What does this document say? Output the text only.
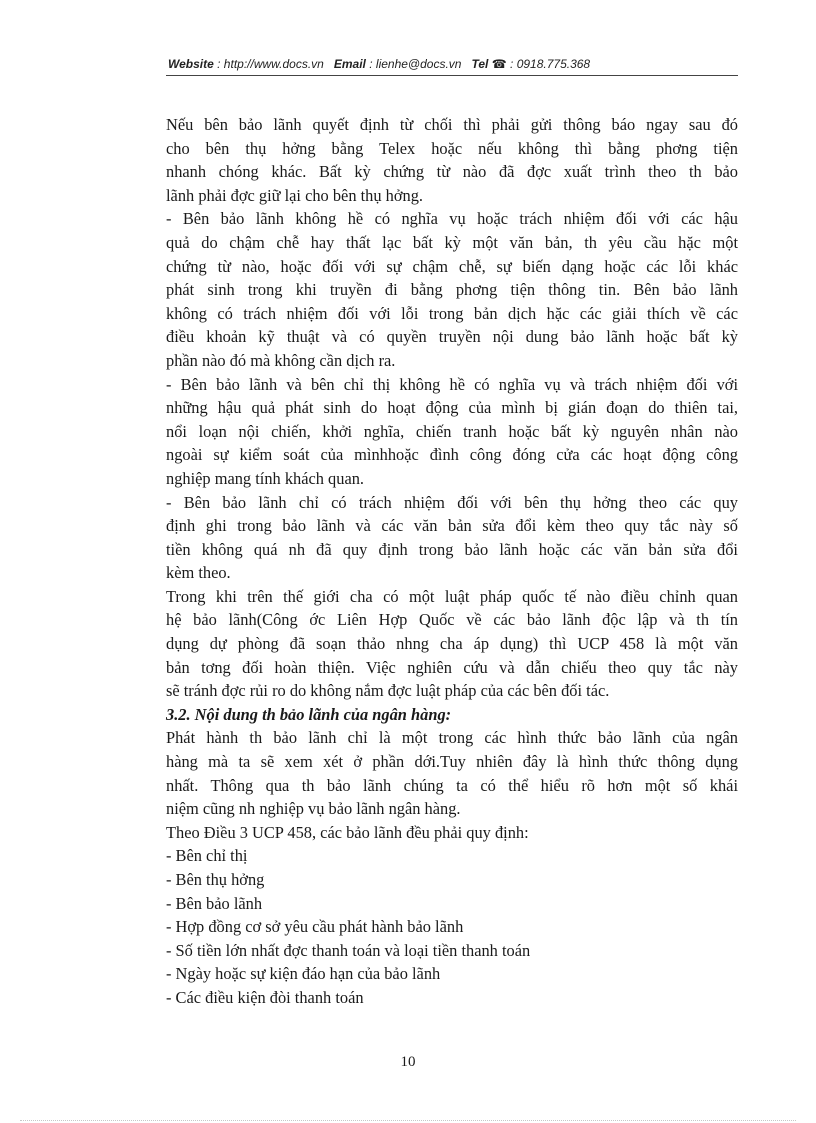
Website : http://www.docs.vn Email : lienhe@docs.vn Tel ☎ : 0918.775.368
Nếu bên bảo lãnh quyết định từ chối thì phải gửi thông báo ngay sau đó
cho bên thụ hởng bằng Telex hoặc nếu không thì bằng phơng tiện
nhanh chóng khác. Bất kỳ chứng từ nào đã đợc xuất trình theo th bảo
lãnh phải đợc giữ lại cho bên thụ hởng.
- Bên bảo lãnh không hề có nghĩa vụ hoặc trách nhiệm đối với các hậu
quả do chậm chễ hay thất lạc bất kỳ một văn bản, th yêu cầu hặc một
chứng từ nào, hoặc đối với sự chậm chễ, sự biến dạng hoặc các lỗi khác
phát sinh trong khi truyền đi bằng phơng tiện thông tin. Bên bảo lãnh
không có trách nhiệm đối với lỗi trong bản dịch hặc các giải thích về các
điều khoản kỹ thuật và có quyền truyền nội dung bảo lãnh hoặc bất kỳ
phần nào đó mà không cần dịch ra.
- Bên bảo lãnh và bên chỉ thị không hề có nghĩa vụ và trách nhiệm đối với
những hậu quả phát sinh do hoạt động của mình bị gián đoạn do thiên tai,
nổi loạn nội chiến, khởi nghĩa, chiến tranh hoặc bất kỳ nguyên nhân nào
ngoài sự kiểm soát của mìnhhoặc đình công đóng cửa các hoạt động công
nghiệp mang tính khách quan.
- Bên bảo lãnh chỉ có trách nhiệm đối với bên thụ hởng theo các quy
định ghi trong bảo lãnh và các văn bản sửa đổi kèm theo quy tắc này số
tiền không quá nh đã quy định trong bảo lãnh hoặc các văn bản sửa đổi
kèm theo.
Trong khi trên thế giới cha có một luật pháp quốc tế nào điều chỉnh quan
hệ bảo lãnh(Công ớc Liên Hợp Quốc về các bảo lãnh độc lập và th tín
dụng dự phòng đã soạn thảo nhng cha áp dụng) thì UCP 458 là một văn
bản tơng đối hoàn thiện. Việc nghiên cứu và dẫn chiếu theo quy tắc này
sẽ tránh đợc rủi ro do không nắm đợc luật pháp của các bên đối tác.
3.2. Nội dung th bảo lãnh của ngân hàng:
Phát hành th bảo lãnh chỉ là một trong các hình thức bảo lãnh của ngân
hàng mà ta sẽ xem xét ở phần dới.Tuy nhiên đây là hình thức thông dụng
nhất. Thông qua th bảo lãnh chúng ta có thể hiểu rõ hơn một số khái
niệm cũng nh nghiệp vụ bảo lãnh ngân hàng.
Theo Điều 3 UCP 458, các bảo lãnh đều phải quy định:
- Bên chỉ thị
- Bên thụ hởng
- Bên bảo lãnh
- Hợp đồng cơ sở yêu cầu phát hành bảo lãnh
- Số tiền lớn nhất đợc thanh toán và loại tiền thanh toán
- Ngày hoặc sự kiện đáo hạn của bảo lãnh
- Các điều kiện đòi thanh toán
10
